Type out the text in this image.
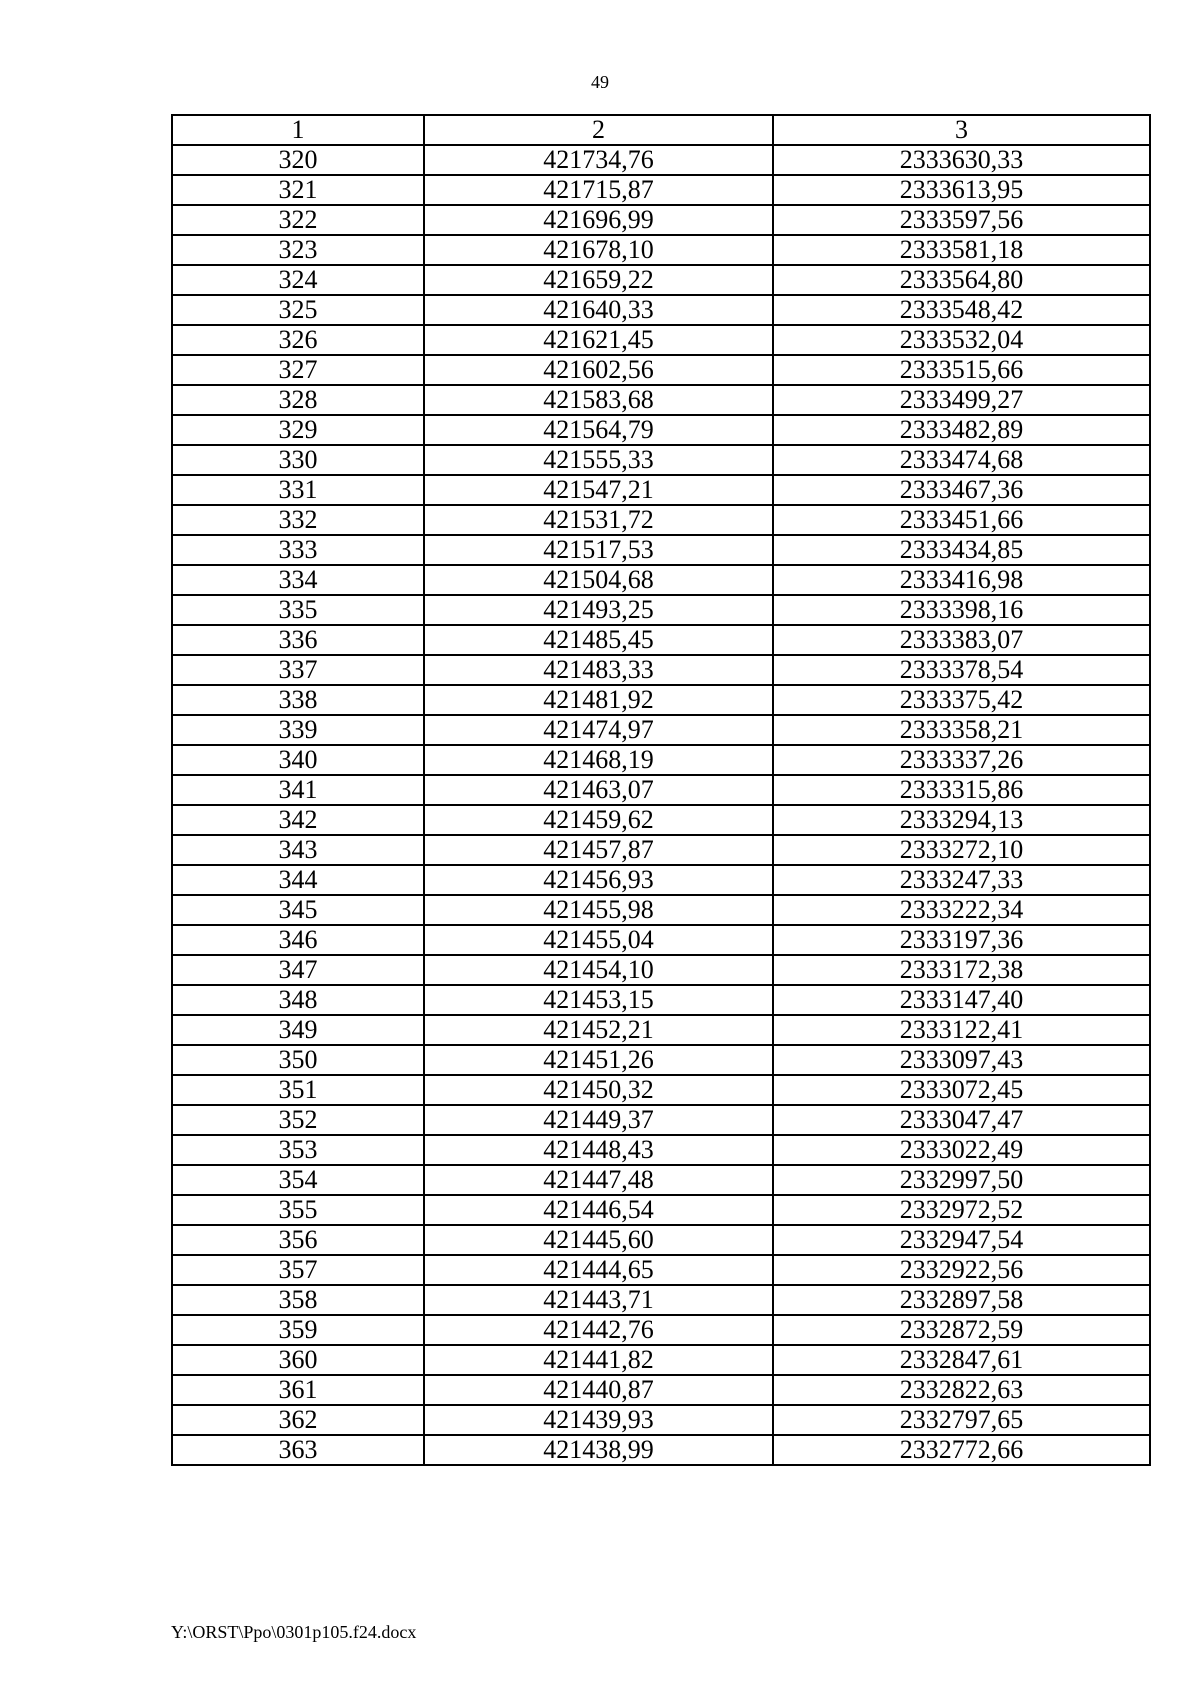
49
1	2	3
320	421734,76	2333630,33
321	421715,87	2333613,95
322	421696,99	2333597,56
323	421678,10	2333581,18
324	421659,22	2333564,80
325	421640,33	2333548,42
326	421621,45	2333532,04
327	421602,56	2333515,66
328	421583,68	2333499,27
329	421564,79	2333482,89
330	421555,33	2333474,68
331	421547,21	2333467,36
332	421531,72	2333451,66
333	421517,53	2333434,85
334	421504,68	2333416,98
335	421493,25	2333398,16
336	421485,45	2333383,07
337	421483,33	2333378,54
338	421481,92	2333375,42
339	421474,97	2333358,21
340	421468,19	2333337,26
341	421463,07	2333315,86
342	421459,62	2333294,13
343	421457,87	2333272,10
344	421456,93	2333247,33
345	421455,98	2333222,34
346	421455,04	2333197,36
347	421454,10	2333172,38
348	421453,15	2333147,40
349	421452,21	2333122,41
350	421451,26	2333097,43
351	421450,32	2333072,45
352	421449,37	2333047,47
353	421448,43	2333022,49
354	421447,48	2332997,50
355	421446,54	2332972,52
356	421445,60	2332947,54
357	421444,65	2332922,56
358	421443,71	2332897,58
359	421442,76	2332872,59
360	421441,82	2332847,61
361	421440,87	2332822,63
362	421439,93	2332797,65
363	421438,99	2332772,66
Y:\ORST\Ppo\0301p105.f24.docx
